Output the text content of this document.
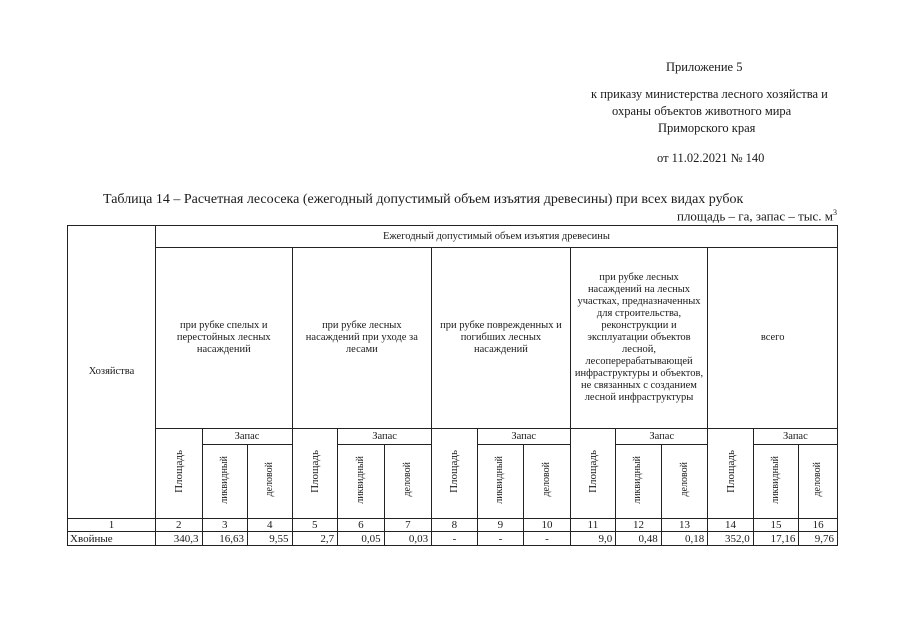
Приложение 5
к приказу министерства лесного хозяйства и
охраны объектов животного мира
Приморского края
от 11.02.2021 № 140
Таблица 14 – Расчетная лесосека (ежегодный допустимый объем изъятия древесины) при всех видах рубок
площадь – га, запас – тыс. $м^3$
Хозяйства	Ежегодный допустимый объем изъятия древесины														
	при рубке спелых и перестойных лесных насаждений			при рубке лесных насаждений при уходе за лесами			при рубке поврежденных и погибших лесных насаждений			при рубке лесных насаждений на лесных участках, предназначенных для строительства, реконструкции и эксплуатации объектов лесной, лесоперерабатывающей инфраструктуры и объектов, не связанных с созданием лесной инфраструктуры			всего		
	Площадь	Запас		Площадь	Запас		Площадь	Запас		Площадь	Запас		Площадь	Запас	
		ликвидный	деловой		ликвидный	деловой		ликвидный	деловой		ликвидный	деловой		ликвидный	деловой
1	2	3	4	5	6	7	8	9	10	11	12	13	14	15	16
Хвойные	340,3	16,63	9,55	2,7	0,05	0,03	-	-	-	9,0	0,48	0,18	352,0	17,16	9,76
